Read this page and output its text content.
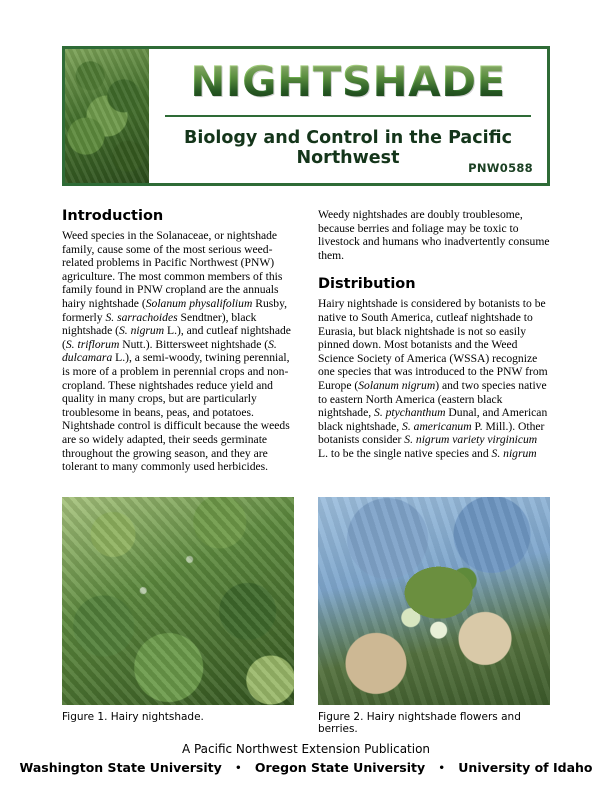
NIGHTSHADE
Biology and Control in the Pacific Northwest	PNW0588
Introduction

Weed species in the Solanaceae, or nightshade family, cause some of the most serious weed-related problems in Pacific Northwest (PNW) agriculture. The most common members of this family found in PNW cropland are the annuals hairy nightshade (Solanum physalifolium Rusby, formerly S. sarrachoides Sendtner), black nightshade (S. nigrum L.), and cutleaf nightshade (S. triflorum Nutt.). Bittersweet nightshade (S. dulcamara L.), a semi-woody, twining perennial, is more of a problem in perennial crops and non-cropland. These nightshades reduce yield and quality in many crops, but are particularly troublesome in beans, peas, and potatoes. Nightshade control is difficult because the weeds are so widely adapted, their seeds germinate throughout the growing season, and they are tolerant to many commonly used herbicides.

Weedy nightshades are doubly troublesome, because berries and foliage may be toxic to livestock and humans who inadvertently consume them.

Distribution

Hairy nightshade is considered by botanists to be native to South America, cutleaf nightshade to Eurasia, but black nightshade is not so easily pinned down. Most botanists and the Weed Science Society of America (WSSA) recognize one species that was introduced to the PNW from Europe (Solanum nigrum) and two species native to eastern North America (eastern black nightshade, S. ptychanthum Dunal, and American black nightshade, S. americanum P. Mill.). Other botanists consider S. nigrum variety virginicum L. to be the single native species and S. nigrum

Figure 1. Hairy nightshade.	Figure 2. Hairy nightshade flowers and berries.
A Pacific Northwest Extension Publication
Washington State University • Oregon State University • University of Idaho
